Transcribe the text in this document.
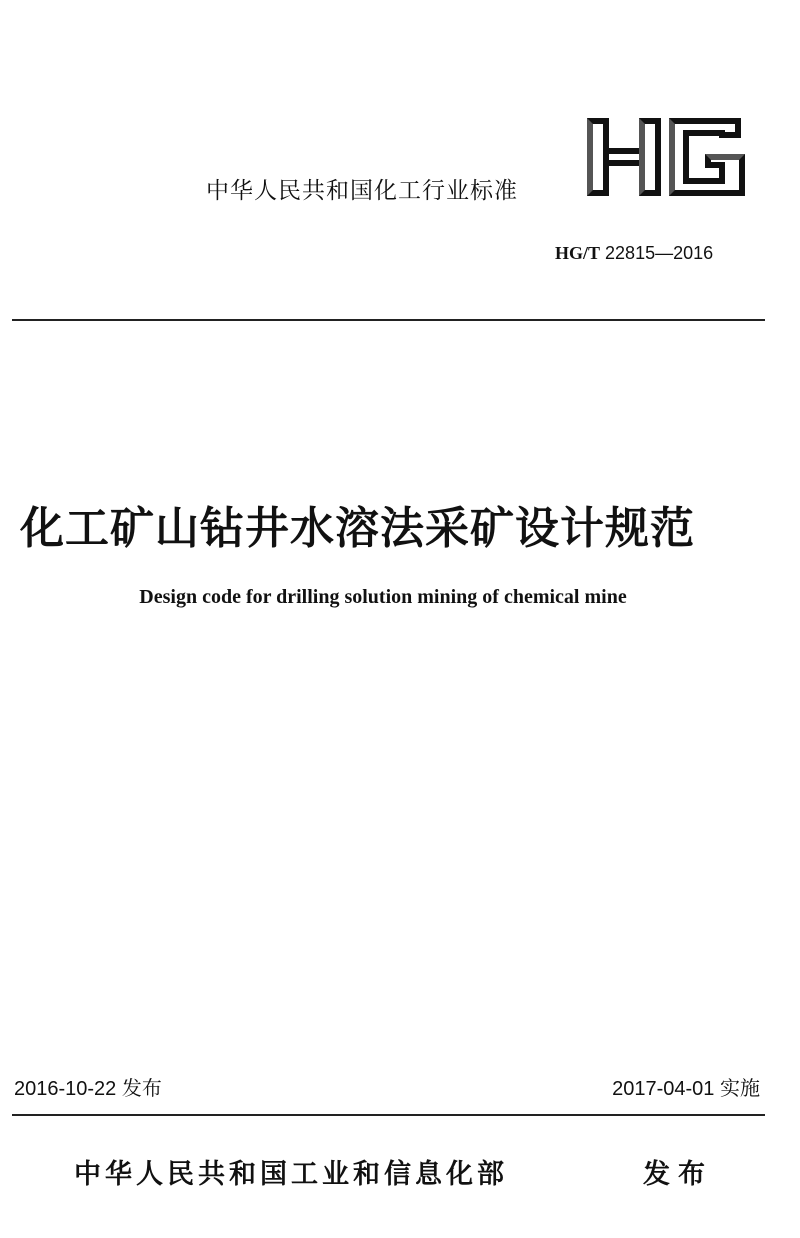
中华人民共和国化工行业标准
HG/T 22815—2016
化工矿山钻井水溶法采矿设计规范
Design code for drilling solution mining of chemical mine
2016-10-22 发布	2017-04-01 实施
中华人民共和国工业和信息化部	发布
